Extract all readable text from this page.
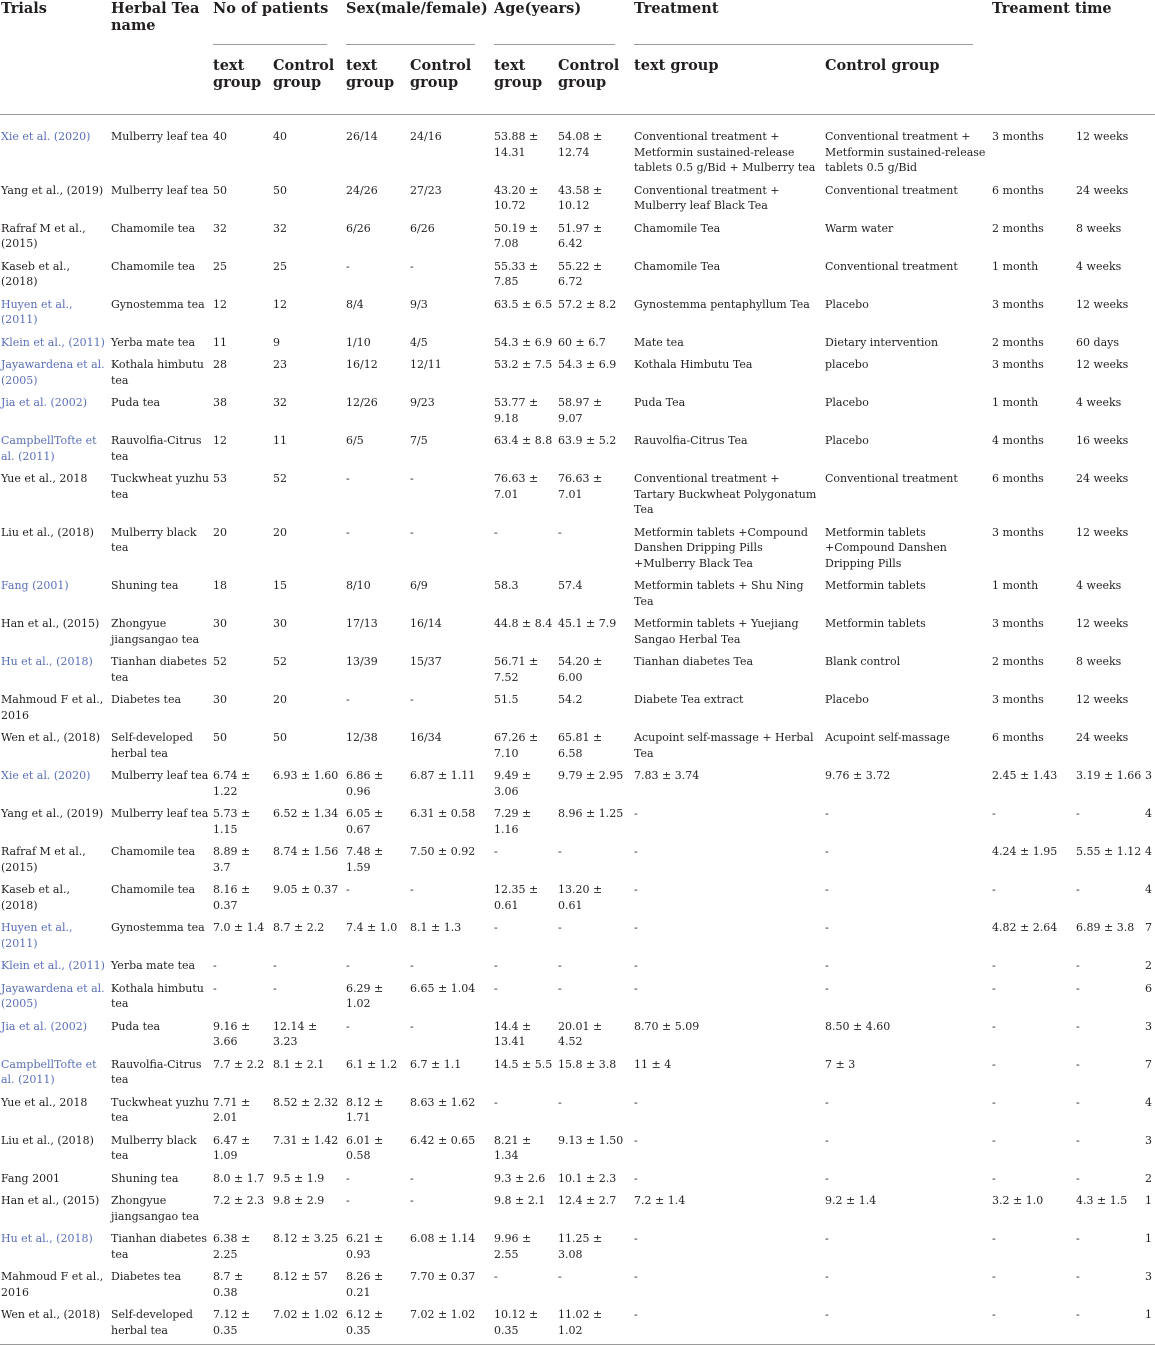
Trials	Herbal Tea name	No of patients		Sex(male/female)		Age(years)		Treatment		Treament time		
		text group	Control group	text group	Control group	text group	Control group	text group	Control group			
Xie et al. (2020)	Mulberry leaf tea	40	40	26/14	24/16	53.88 ± 14.31	54.08 ± 12.74	Conventional treatment + Metformin sustained-release tablets 0.5 g/Bid + Mulberry tea	Conventional treatment + Metformin sustained-release tablets 0.5 g/Bid	3 months	12 weeks	
Yang et al., (2019)	Mulberry leaf tea	50	50	24/26	27/23	43.20 ± 10.72	43.58 ± 10.12	Conventional treatment + Mulberry leaf Black Tea	Conventional treatment	6 months	24 weeks	
Rafraf M et al., (2015)	Chamomile tea	32	32	6/26	6/26	50.19 ± 7.08	51.97 ± 6.42	Chamomile Tea	Warm water	2 months	8 weeks	
Kaseb et al., (2018)	Chamomile tea	25	25	-	-	55.33 ± 7.85	55.22 ± 6.72	Chamomile Tea	Conventional treatment	1 month	4 weeks	
Huyen et al., (2011)	Gynostemma tea	12	12	8/4	9/3	63.5 ± 6.5	57.2 ± 8.2	Gynostemma pentaphyllum Tea	Placebo	3 months	12 weeks	
Klein et al., (2011)	Yerba mate tea	11	9	1/10	4/5	54.3 ± 6.9	60 ± 6.7	Mate tea	Dietary intervention	2 months	60 days	
Jayawardena et al. (2005)	Kothala himbutu tea	28	23	16/12	12/11	53.2 ± 7.5	54.3 ± 6.9	Kothala Himbutu Tea	placebo	3 months	12 weeks	
Jia et al. (2002)	Puda tea	38	32	12/26	9/23	53.77 ± 9.18	58.97 ± 9.07	Puda Tea	Placebo	1 month	4 weeks	
CampbellTofte et al. (2011)	Rauvolfia-Citrus tea	12	11	6/5	7/5	63.4 ± 8.8	63.9 ± 5.2	Rauvolfia-Citrus Tea	Placebo	4 months	16 weeks	
Yue et al., 2018	Tuckwheat yuzhu tea	53	52	-	-	76.63 ± 7.01	76.63 ± 7.01	Conventional treatment + Tartary Buckwheat Polygonatum Tea	Conventional treatment	6 months	24 weeks	
Liu et al., (2018)	Mulberry black tea	20	20	-	-	-	-	Metformin tablets +Compound Danshen Dripping Pills +Mulberry Black Tea	Metformin tablets +Compound Danshen Dripping Pills	3 months	12 weeks	
Fang (2001)	Shuning tea	18	15	8/10	6/9	58.3	57.4	Metformin tablets + Shu Ning Tea	Metformin tablets	1 month	4 weeks	
Han et al., (2015)	Zhongyue jiangsangao tea	30	30	17/13	16/14	44.8 ± 8.4	45.1 ± 7.9	Metformin tablets + Yuejiang Sangao Herbal Tea	Metformin tablets	3 months	12 weeks	
Hu et al., (2018)	Tianhan diabetes tea	52	52	13/39	15/37	56.71 ± 7.52	54.20 ± 6.00	Tianhan diabetes Tea	Blank control	2 months	8 weeks	
Mahmoud F et al., 2016	Diabetes tea	30	20	-	-	51.5	54.2	Diabete Tea extract	Placebo	3 months	12 weeks	
Wen et al., (2018)	Self-developed herbal tea	50	50	12/38	16/34	67.26 ± 7.10	65.81 ± 6.58	Acupoint self-massage + Herbal Tea	Acupoint self-massage	6 months	24 weeks	
Xie et al. (2020)	Mulberry leaf tea	6.74 ± 1.22	6.93 ± 1.60	6.86 ± 0.96	6.87 ± 1.11	9.49 ± 3.06	9.79 ± 2.95	7.83 ± 3.74	9.76 ± 3.72	2.45 ± 1.43	3.19 ± 1.66	3
Yang et al., (2019)	Mulberry leaf tea	5.73 ± 1.15	6.52 ± 1.34	6.05 ± 0.67	6.31 ± 0.58	7.29 ± 1.16	8.96 ± 1.25	-	-	-	-	4
Rafraf M et al., (2015)	Chamomile tea	8.89 ± 3.7	8.74 ± 1.56	7.48 ± 1.59	7.50 ± 0.92	-	-	-	-	4.24 ± 1.95	5.55 ± 1.12	4
Kaseb et al., (2018)	Chamomile tea	8.16 ± 0.37	9.05 ± 0.37	-	-	12.35 ± 0.61	13.20 ± 0.61	-	-	-	-	4
Huyen et al., (2011)	Gynostemma tea	7.0 ± 1.4	8.7 ± 2.2	7.4 ± 1.0	8.1 ± 1.3	-	-	-	-	4.82 ± 2.64	6.89 ± 3.8	7
Klein et al., (2011)	Yerba mate tea	-	-	-	-	-	-	-	-	-	-	2
Jayawardena et al. (2005)	Kothala himbutu tea	-	-	6.29 ± 1.02	6.65 ± 1.04	-	-	-	-	-	-	6
Jia et al. (2002)	Puda tea	9.16 ± 3.66	12.14 ± 3.23	-	-	14.4 ± 13.41	20.01 ± 4.52	8.70 ± 5.09	8.50 ± 4.60	-	-	3
CampbellTofte et al. (2011)	Rauvolfia-Citrus tea	7.7 ± 2.2	8.1 ± 2.1	6.1 ± 1.2	6.7 ± 1.1	14.5 ± 5.5	15.8 ± 3.8	11 ± 4	7 ± 3	-	-	7
Yue et al., 2018	Tuckwheat yuzhu tea	7.71 ± 2.01	8.52 ± 2.32	8.12 ± 1.71	8.63 ± 1.62	-	-	-	-	-	-	4
Liu et al., (2018)	Mulberry black tea	6.47 ± 1.09	7.31 ± 1.42	6.01 ± 0.58	6.42 ± 0.65	8.21 ± 1.34	9.13 ± 1.50	-	-	-	-	3
Fang 2001	Shuning tea	8.0 ± 1.7	9.5 ± 1.9	-	-	9.3 ± 2.6	10.1 ± 2.3	-	-	-	-	2
Han et al., (2015)	Zhongyue jiangsangao tea	7.2 ± 2.3	9.8 ± 2.9	-	-	9.8 ± 2.1	12.4 ± 2.7	7.2 ± 1.4	9.2 ± 1.4	3.2 ± 1.0	4.3 ± 1.5	1
Hu et al., (2018)	Tianhan diabetes tea	6.38 ± 2.25	8.12 ± 3.25	6.21 ± 0.93	6.08 ± 1.14	9.96 ± 2.55	11.25 ± 3.08	-	-	-	-	1
Mahmoud F et al., 2016	Diabetes tea	8.7 ± 0.38	8.12 ± 57	8.26 ± 0.21	7.70 ± 0.37	-	-	-	-	-	-	3
Wen et al., (2018)	Self-developed herbal tea	7.12 ± 0.35	7.02 ± 1.02	6.12 ± 0.35	7.02 ± 1.02	10.12 ± 0.35	11.02 ± 1.02	-	-	-	-	1
